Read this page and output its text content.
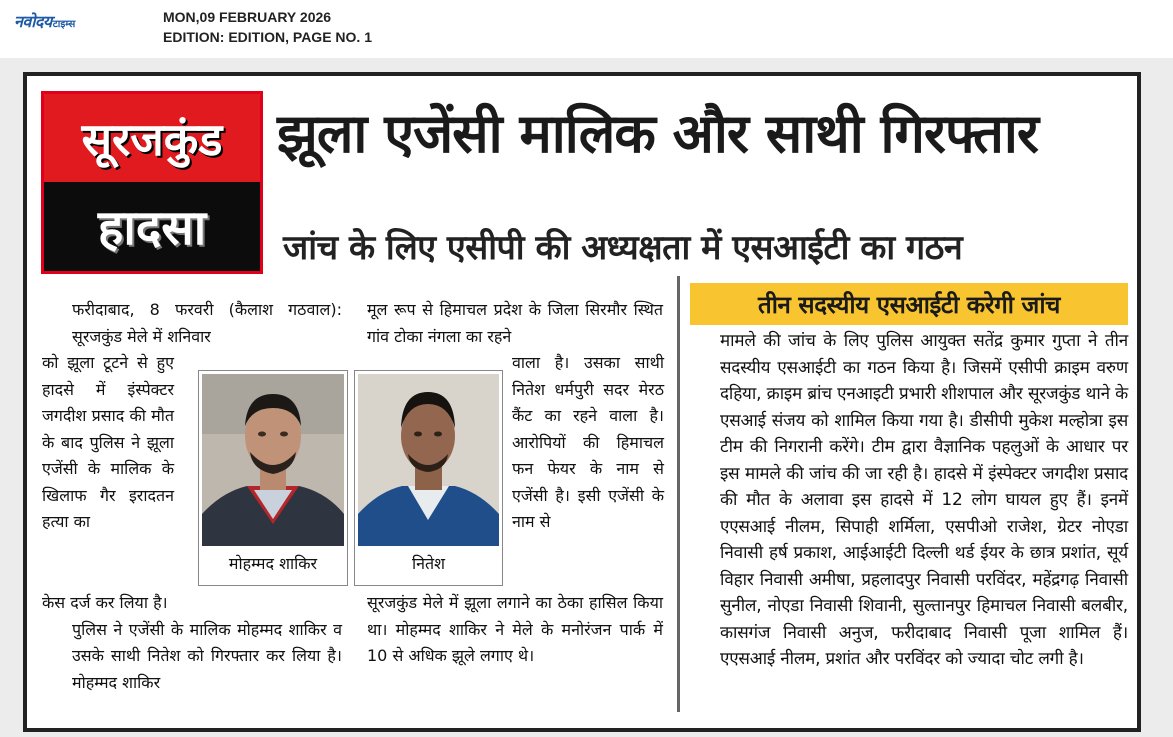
नवोदय टाइम्स	MON,09 FEBRUARY 2026
EDITION: EDITION, PAGE NO. 1
सूरजकुंड
हादसा
झूला एजेंसी मालिक और साथी गिरफ्तार
जांच के लिए एसीपी की अध्यक्षता में एसआईटी का गठन

फरीदाबाद, 8 फरवरी (कैलाश गठवाल): सूरजकुंड मेले में शनिवार

को झूला टूटने से हुए हादसे में इंस्पेक्टर जगदीश प्रसाद की मौत के बाद पुलिस ने झूला एजेंसी के मालिक के खिलाफ गैर इरादतन हत्या का

केस दर्ज कर लिया है।

पुलिस ने एजेंसी के मालिक मोहम्मद शाकिर व उसके साथी नितेश को गिरफ्तार कर लिया है। मोहम्मद शाकिर

मोहम्मद शाकिर	नितेश

मूल रूप से हिमाचल प्रदेश के जिला सिरमौर स्थित गांव टोका नंगला का रहने

वाला है। उसका साथी नितेश धर्मपुरी सदर मेरठ कैंट का रहने वाला है। आरोपियों की हिमाचल फन फेयर के नाम से एजेंसी है। इसी एजेंसी के नाम से

सूरजकुंड मेले में झूला लगाने का ठेका हासिल किया था। मोहम्मद शाकिर ने मेले के मनोरंजन पार्क में 10 से अधिक झूले लगाए थे।

तीन सदस्यीय एसआईटी करेगी जांच

मामले की जांच के लिए पुलिस आयुक्त सतेंद्र कुमार गुप्ता ने तीन सदस्यीय एसआईटी का गठन किया है। जिसमें एसीपी क्राइम वरुण दहिया, क्राइम ब्रांच एनआइटी प्रभारी शीशपाल और सूरजकुंड थाने के एसआई संजय को शामिल किया गया है। डीसीपी मुकेश मल्होत्रा इस टीम की निगरानी करेंगे। टीम द्वारा वैज्ञानिक पहलुओं के आधार पर इस मामले की जांच की जा रही है। हादसे में इंस्पेक्टर जगदीश प्रसाद की मौत के अलावा इस हादसे में 12 लोग घायल हुए हैं। इनमें एएसआई नीलम, सिपाही शर्मिला, एसपीओ राजेश, ग्रेटर नोएडा निवासी हर्ष प्रकाश, आईआईटी दिल्ली थर्ड ईयर के छात्र प्रशांत, सूर्य विहार निवासी अमीषा, प्रहलादपुर निवासी परविंदर, महेंद्रगढ़ निवासी सुनील, नोएडा निवासी शिवानी, सुल्तानपुर हिमाचल निवासी बलबीर, कासगंज निवासी अनुज, फरीदाबाद निवासी पूजा शामिल हैं। एएसआई नीलम, प्रशांत और परविंदर को ज्यादा चोट लगी है।
